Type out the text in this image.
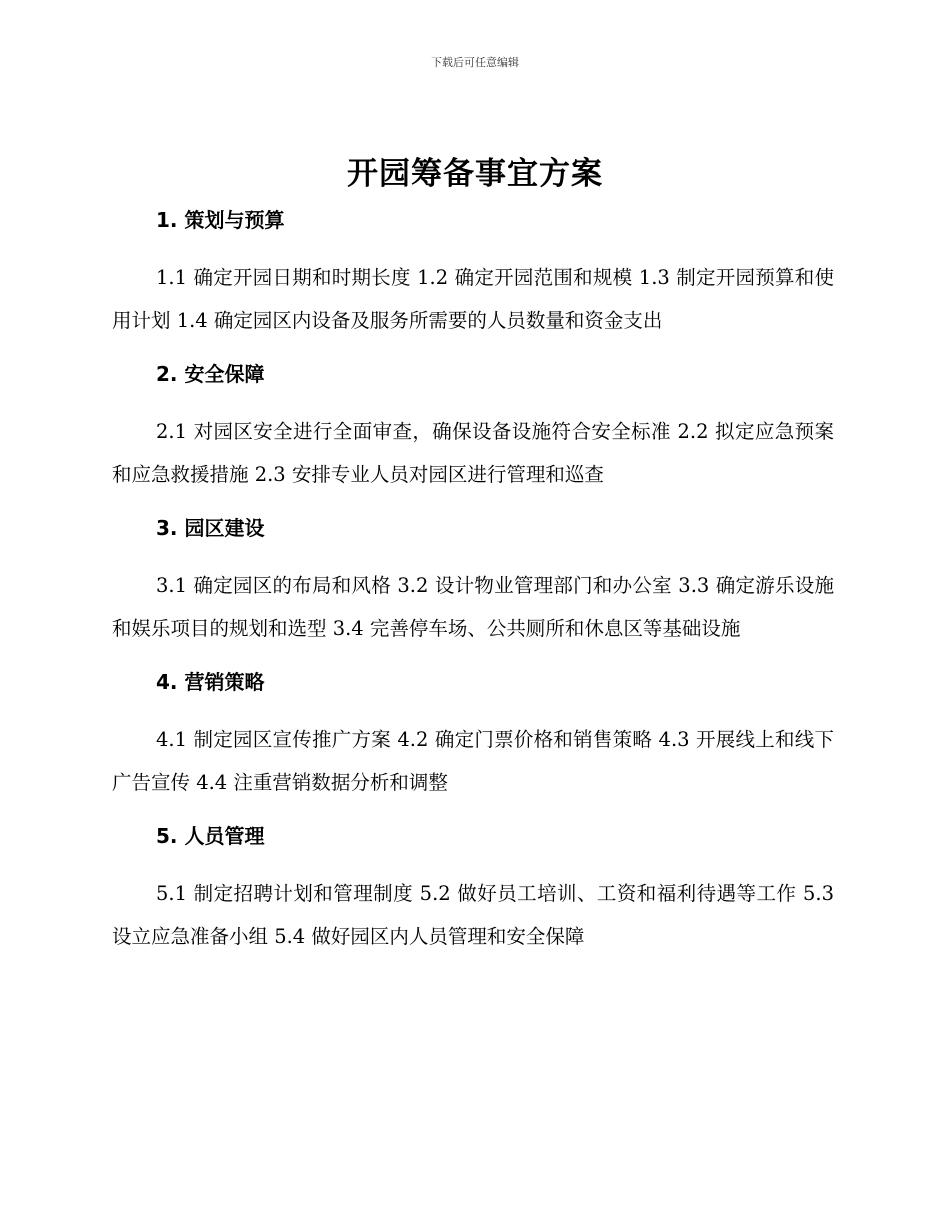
下载后可任意编辑
开园筹备事宜方案
1. 策划与预算

1.1 确定开园日期和时期长度 1.2 确定开园范围和规模 1.3 制定开园预算和使用计划 1.4 确定园区内设备及服务所需要的人员数量和资金支出

2. 安全保障

2.1 对园区安全进行全面审查，确保设备设施符合安全标准 2.2 拟定应急预案和应急救援措施 2.3 安排专业人员对园区进行管理和巡查

3. 园区建设

3.1 确定园区的布局和风格 3.2 设计物业管理部门和办公室 3.3 确定游乐设施和娱乐项目的规划和选型 3.4 完善停车场、公共厕所和休息区等基础设施

4. 营销策略

4.1 制定园区宣传推广方案 4.2 确定门票价格和销售策略 4.3 开展线上和线下广告宣传 4.4 注重营销数据分析和调整

5. 人员管理

5.1 制定招聘计划和管理制度 5.2 做好员工培训、工资和福利待遇等工作 5.3 设立应急准备小组 5.4 做好园区内人员管理和安全保障
